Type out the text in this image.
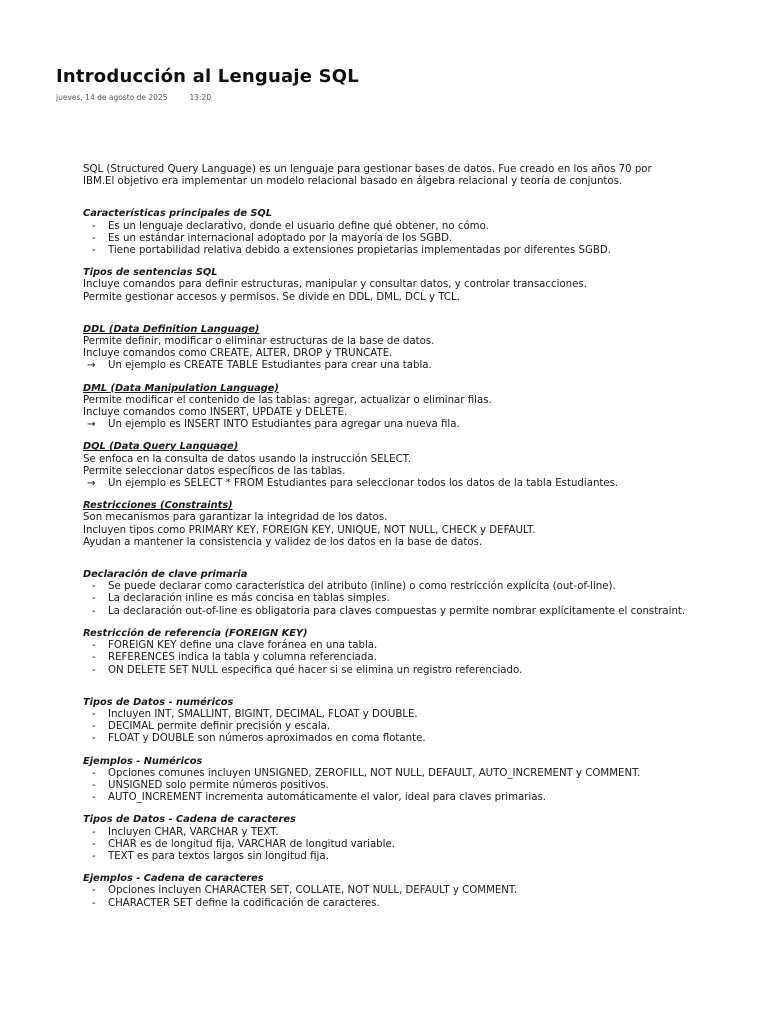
Introducción al Lenguaje SQL
jueves, 14 de agosto de 2025	13:20

SQL (Structured Query Language) es un lenguaje para gestionar bases de datos. Fue creado en los años 70 por

IBM.El objetivo era implementar un modelo relacional basado en álgebra relacional y teoría de conjuntos.

Características principales de SQL

- Es un lenguaje declarativo, donde el usuario define qué obtener, no cómo.
- Es un estándar internacional adoptado por la mayoría de los SGBD.
- Tiene portabilidad relativa debido a extensiones propietarias implementadas por diferentes SGBD.

Tipos de sentencias SQL

Incluye comandos para definir estructuras, manipular y consultar datos, y controlar transacciones.

Permite gestionar accesos y permisos. Se divide en DDL, DML, DCL y TCL.

DDL (Data Definition Language)

Permite definir, modificar o eliminar estructuras de la base de datos.

Incluye comandos como CREATE, ALTER, DROP y TRUNCATE.

→ Un ejemplo es CREATE TABLE Estudiantes para crear una tabla.

DML (Data Manipulation Language)

Permite modificar el contenido de las tablas: agregar, actualizar o eliminar filas.

Incluye comandos como INSERT, UPDATE y DELETE.

→ Un ejemplo es INSERT INTO Estudiantes para agregar una nueva fila.

DQL (Data Query Language)

Se enfoca en la consulta de datos usando la instrucción SELECT.

Permite seleccionar datos específicos de las tablas.

→ Un ejemplo es SELECT * FROM Estudiantes para seleccionar todos los datos de la tabla Estudiantes.

Restricciones (Constraints)

Son mecanismos para garantizar la integridad de los datos.

Incluyen tipos como PRIMARY KEY, FOREIGN KEY, UNIQUE, NOT NULL, CHECK y DEFAULT.

Ayudan a mantener la consistencia y validez de los datos en la base de datos.

Declaración de clave primaria

- Se puede declarar como característica del atributo (inline) o como restricción explícita (out-of-line).
- La declaración inline es más concisa en tablas simples.
- La declaración out-of-line es obligatoria para claves compuestas y permite nombrar explícitamente el constraint.

Restricción de referencia (FOREIGN KEY)

- FOREIGN KEY define una clave foránea en una tabla.
- REFERENCES indica la tabla y columna referenciada.
- ON DELETE SET NULL especifica qué hacer si se elimina un registro referenciado.

Tipos de Datos - numéricos

- Incluyen INT, SMALLINT, BIGINT, DECIMAL, FLOAT y DOUBLE.
- DECIMAL permite definir precisión y escala.
- FLOAT y DOUBLE son números aproximados en coma flotante.

Ejemplos - Numéricos

- Opciones comunes incluyen UNSIGNED, ZEROFILL, NOT NULL, DEFAULT, AUTO_INCREMENT y COMMENT.
- UNSIGNED solo permite números positivos.
- AUTO_INCREMENT incrementa automáticamente el valor, ideal para claves primarias.

Tipos de Datos - Cadena de caracteres

- Incluyen CHAR, VARCHAR y TEXT.
- CHAR es de longitud fija, VARCHAR de longitud variable.
- TEXT es para textos largos sin longitud fija.

Ejemplos - Cadena de caracteres

- Opciones incluyen CHARACTER SET, COLLATE, NOT NULL, DEFAULT y COMMENT.
- CHARACTER SET define la codificación de caracteres.
